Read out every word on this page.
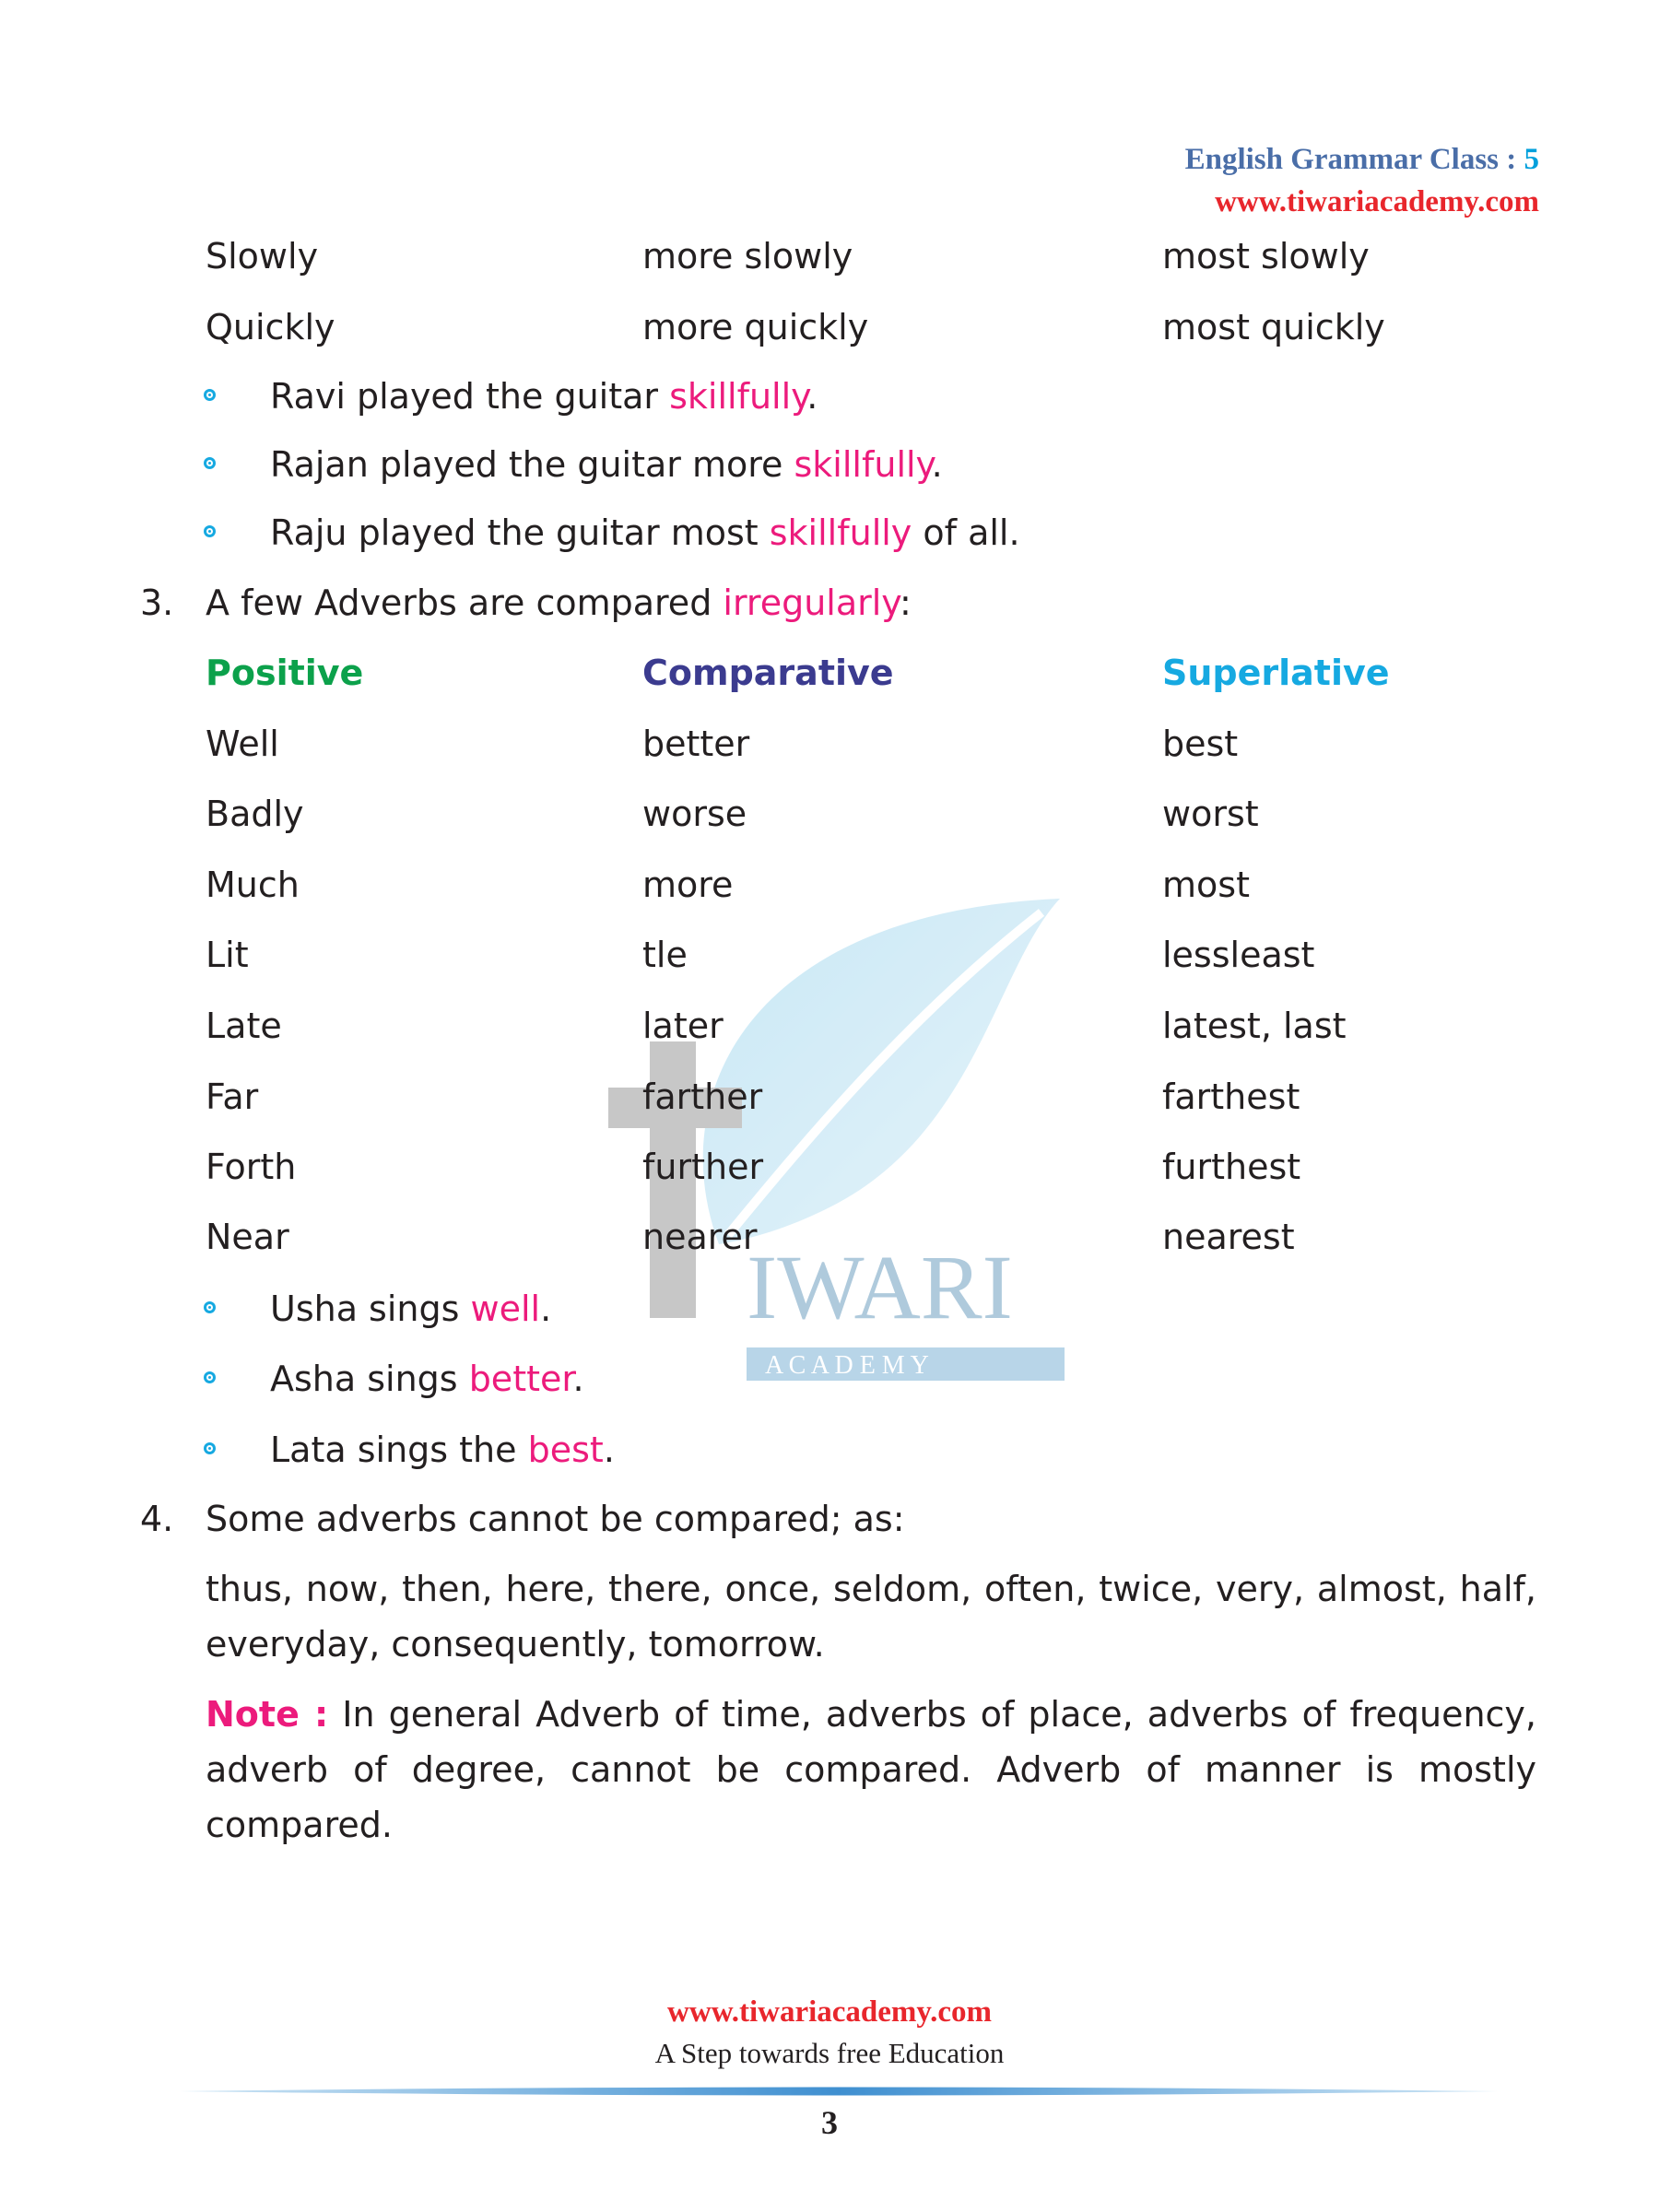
English Grammar Class : 5
www.tiwariacademy.com
IWARI
A C A D E M Y
Slowly	more slowly	most slowly
Quickly	more quickly	most quickly
Ravi played the guitar skillfully.
Rajan played the guitar more skillfully.
Raju played the guitar most skillfully of all.
3. A few Adverbs are compared irregularly:
Positive	Comparative	Superlative
Well	better	best
Badly	worse	worst
Much	more	most
Lit	tle	lessleast
Late	later	latest, last
Far	farther	farthest
Forth	further	furthest
Near	nearer	nearest
Usha sings well.
Asha sings better.
Lata sings the best.
4. Some adverbs cannot be compared; as:
thus, now, then, here, there, once, seldom, often, twice, very, almost, half, everyday, consequently, tomorrow.
Note : In general Adverb of time, adverbs of place, adverbs of frequency, adverb of degree, cannot be compared. Adverb of manner is mostly compared.
www.tiwariacademy.com
A Step towards free Education
3
